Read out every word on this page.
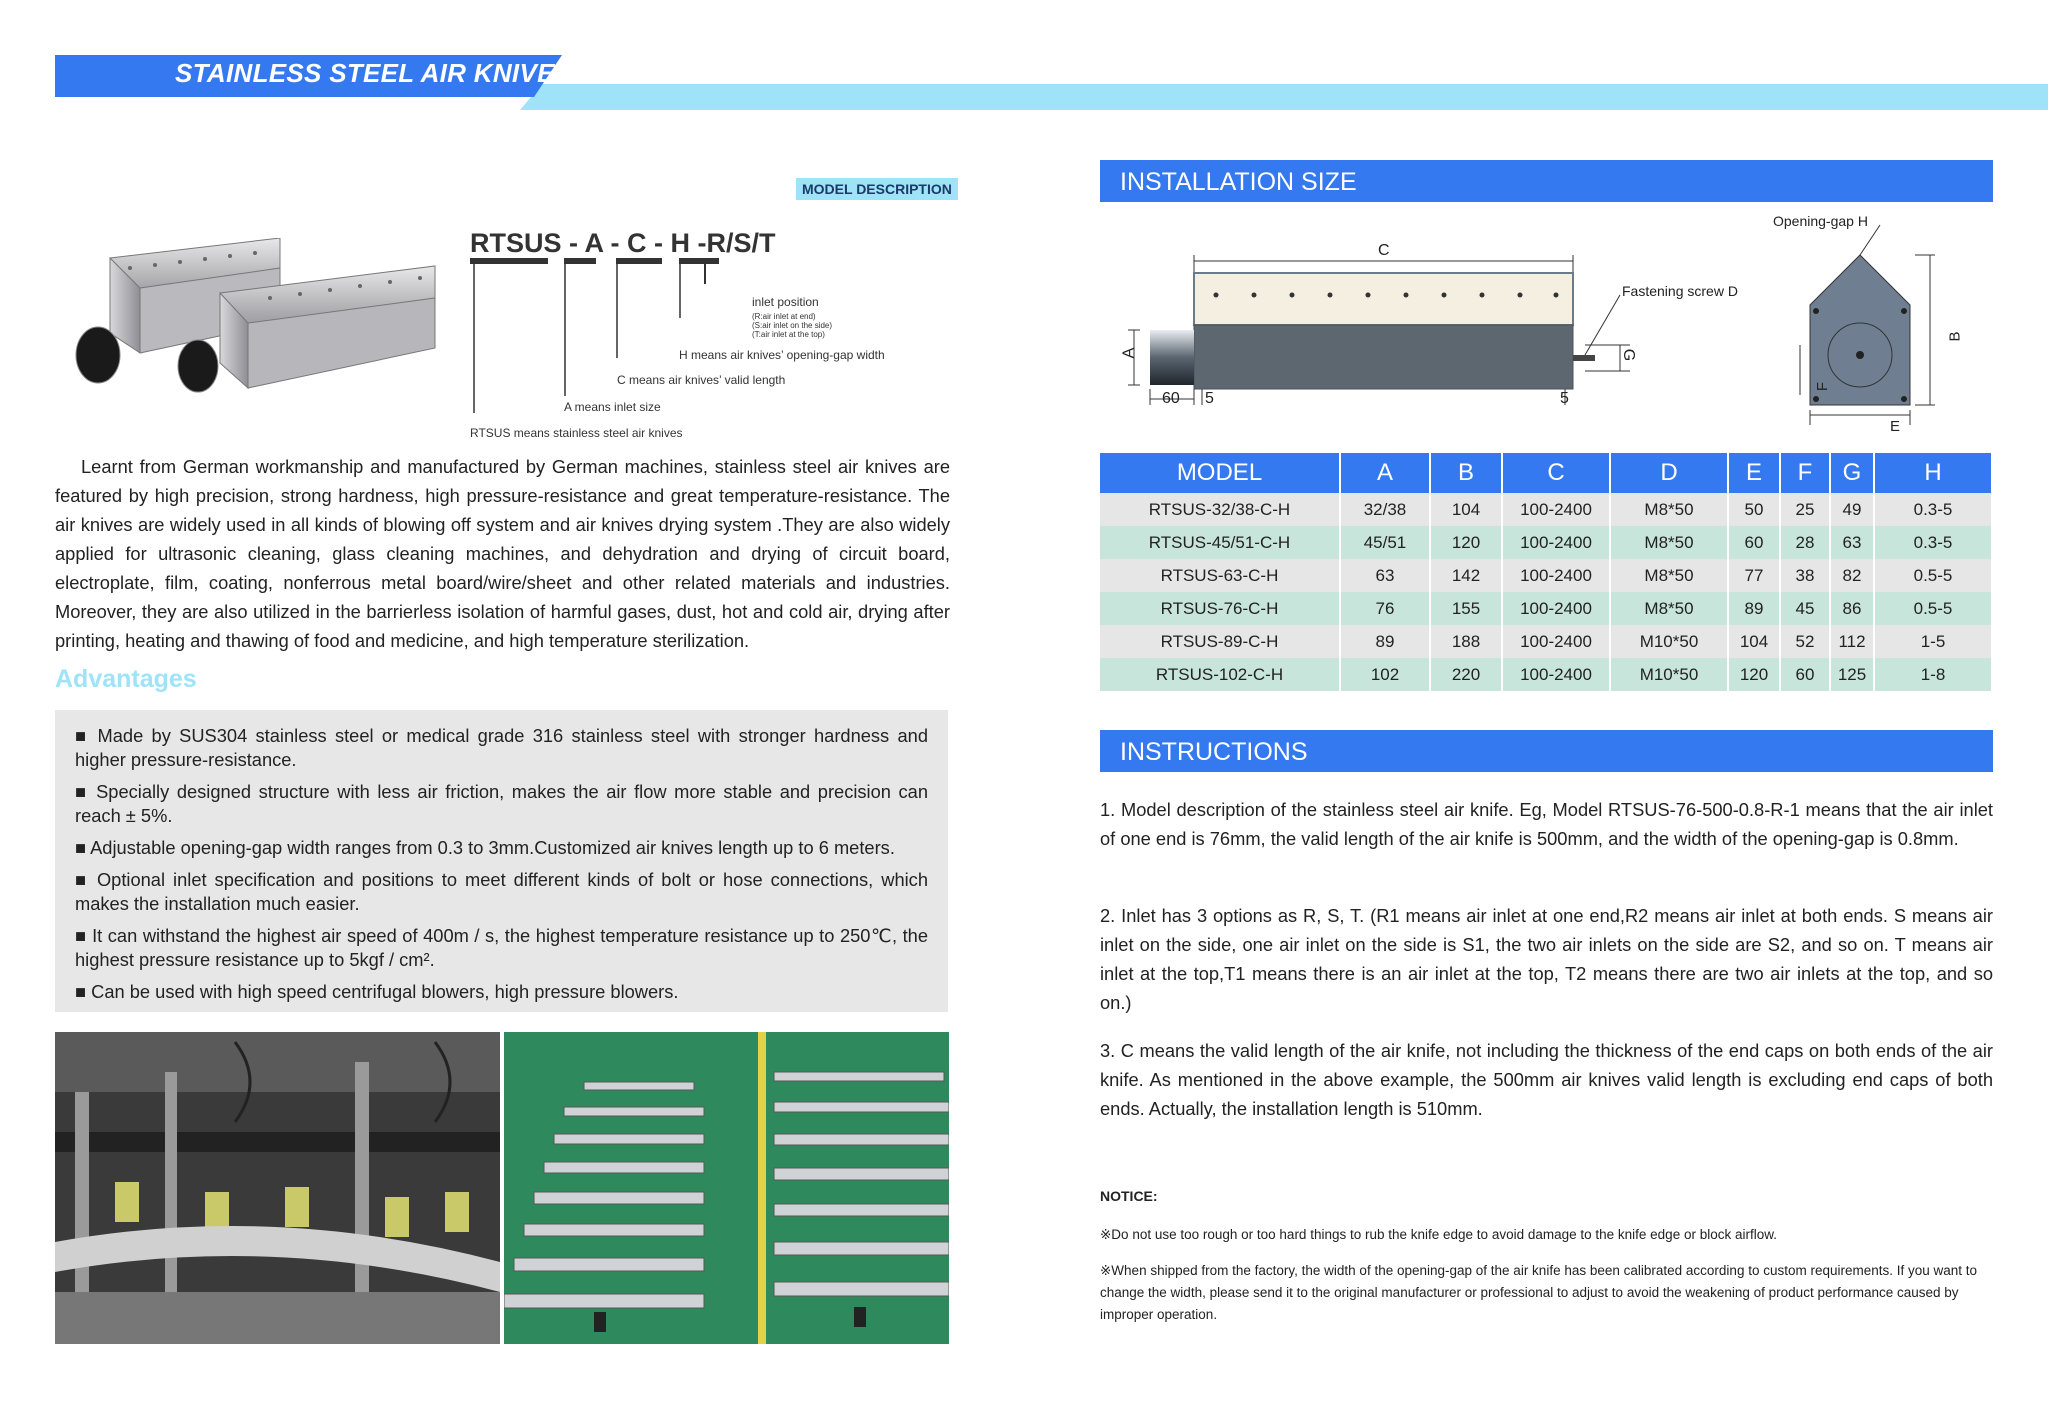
STAINLESS STEEL AIR KNIVES
MODEL DESCRIPTION
RTSUS - A - C - H -R/S/T
inlet position
(R:air inlet at end)
(S:air inlet on the side)
(T:air inlet at the top)
H means air knives’ opening-gap width
C means air knives’ valid length
A means inlet size
RTSUS means stainless steel air knives

Learnt from German workmanship and manufactured by German machines, stainless steel air knives are featured by high precision, strong hardness, high pressure-resistance and great temperature-resistance. The air knives are widely used in all kinds of blowing off system and air knives drying system .They are also widely applied for ultrasonic cleaning, glass cleaning machines, and dehydration and drying of circuit board, electroplate, film, coating, nonferrous metal board/wire/sheet and other related materials and industries. Moreover, they are also utilized in the barrierless isolation of harmful gases, dust, hot and cold air, drying after printing, heating and thawing of food and medicine, and high temperature sterilization.

Advantages

■ Made by SUS304 stainless steel or medical grade 316 stainless steel with stronger hardness and higher pressure-resistance.

■ Specially designed structure with less air friction, makes the air flow more stable and precision can reach ± 5%.

■ Adjustable opening-gap width ranges from 0.3 to 3mm.Customized air knives length up to 6 meters.

■ Optional inlet specification and positions to meet different kinds of bolt or hose connections, which makes the installation much easier.

■ It can withstand the highest air speed of 400m / s, the highest temperature resistance up to 250℃, the highest pressure resistance up to 5kgf / cm².

■ Can be used with high speed centrifugal blowers, high pressure blowers.

INSTALLATION SIZE
C
A	G
60 5	5
Fastening screw D
Opening-gap H
B
F
E
MODEL	A	B	C	D	E	F	G	H
RTSUS-32/38-C-H	32/38	104	100-2400	M8*50	50	25	49	0.3-5
RTSUS-45/51-C-H	45/51	120	100-2400	M8*50	60	28	63	0.3-5
RTSUS-63-C-H	63	142	100-2400	M8*50	77	38	82	0.5-5
RTSUS-76-C-H	76	155	100-2400	M8*50	89	45	86	0.5-5
RTSUS-89-C-H	89	188	100-2400	M10*50	104	52	112	1-5
RTSUS-102-C-H	102	220	100-2400	M10*50	120	60	125	1-8
INSTRUCTIONS

1. Model description of the stainless steel air knife. Eg, Model RTSUS-76-500-0.8-R-1 means that the air inlet of one end is 76mm, the valid length of the air knife is 500mm, and the width of the opening-gap is 0.8mm.

2. Inlet has 3 options as R, S, T. (R1 means air inlet at one end,R2 means air inlet at both ends. S means air inlet on the side, one air inlet on the side is S1, the two air inlets on the side are S2, and so on. T means air inlet at the top,T1 means there is an air inlet at the top, T2 means there are two air inlets at the top, and so on.)

3. C means the valid length of the air knife, not including the thickness of the end caps on both ends of the air knife. As mentioned in the above example, the 500mm air knives valid length is excluding end caps of both ends. Actually, the installation length is 510mm.

NOTICE:

※Do not use too rough or too hard things to rub the knife edge to avoid damage to the knife edge or block airflow.

※When shipped from the factory, the width of the opening-gap of the air knife has been calibrated according to custom requirements. If you want to change the width, please send it to the original manufacturer or professional to adjust to avoid the weakening of product performance caused by improper operation.
